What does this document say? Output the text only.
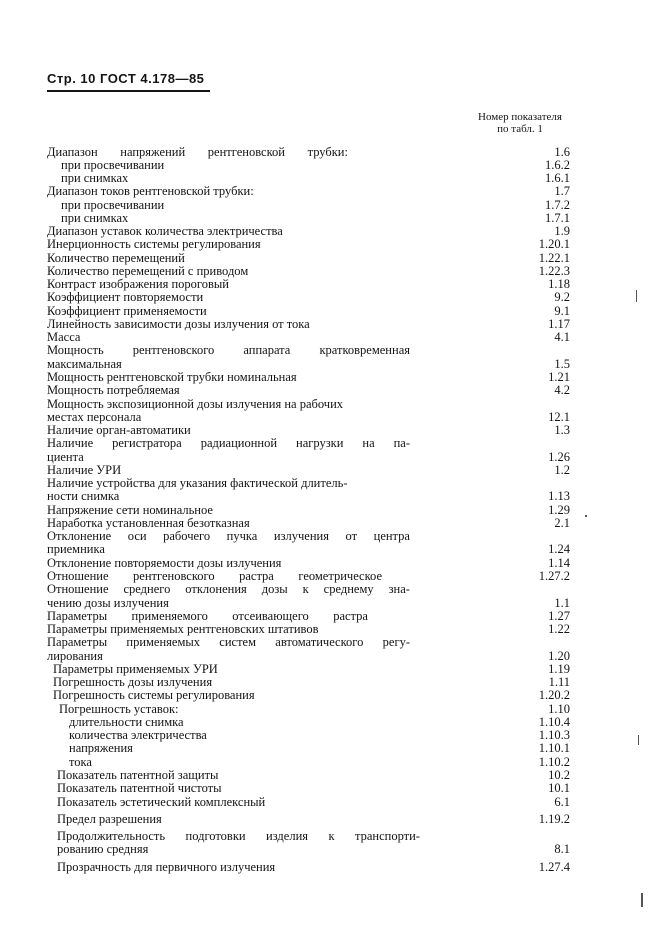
Стр. 10 ГОСТ 4.178—85
Номер показателя
по табл. 1
Диапазон напряжений рентгеновской трубки:	1.6
при просвечивании	1.6.2
при снимках	1.6.1
Диапазон токов рентгеновской трубки:	1.7
при просвечивании	1.7.2
при снимках	1.7.1
Диапазон уставок количества электричества	1.9
Инерционность системы регулирования	1.20.1
Количество перемещений	1.22.1
Количество перемещений с приводом	1.22.3
Контраст изображения пороговый	1.18
Коэффициент повторяемости	9.2
Коэффициент применяемости	9.1
Линейность зависимости дозы излучения от тока	1.17
Масса	4.1
Мощность рентгеновского аппарата кратковременная
максимальная	1.5
Мощность рентгеновской трубки номинальная	1.21
Мощность потребляемая	4.2
Мощность экспозиционной дозы излучения на рабочих
местах персонала	12.1
Наличие орган-автоматики	1.3
Наличие регистратора радиационной нагрузки на па-
циента	1.26
Наличие УРИ	1.2
Наличие устройства для указания фактической длитель-
ности снимка	1.13
Напряжение сети номинальное	1.29
Наработка установленная безотказная	2.1
Отклонение оси рабочего пучка излучения от центра
приемника	1.24
Отклонение повторяемости дозы излучения	1.14
Отношение рентгеновского растра геометрическое	1.27.2
Отношение среднего отклонения дозы к среднему зна-
чению дозы излучения	1.1
Параметры применяемого отсеивающего растра	1.27
Параметры применяемых рентгеновских штативов	1.22
Параметры применяемых систем автоматического регу-
лирования	1.20
Параметры применяемых УРИ	1.19
Погрешность дозы излучения	1.11
Погрешность системы регулирования	1.20.2
Погрешность уставок:	1.10
длительности снимка	1.10.4
количества электричества	1.10.3
напряжения	1.10.1
тока	1.10.2
Показатель патентной защиты	10.2
Показатель патентной чистоты	10.1
Показатель эстетический комплексный	6.1
Предел разрешения	1.19.2
Продолжительность подготовки изделия к транспорти-
рованию средняя	8.1
Прозрачность для первичного излучения	1.27.4
